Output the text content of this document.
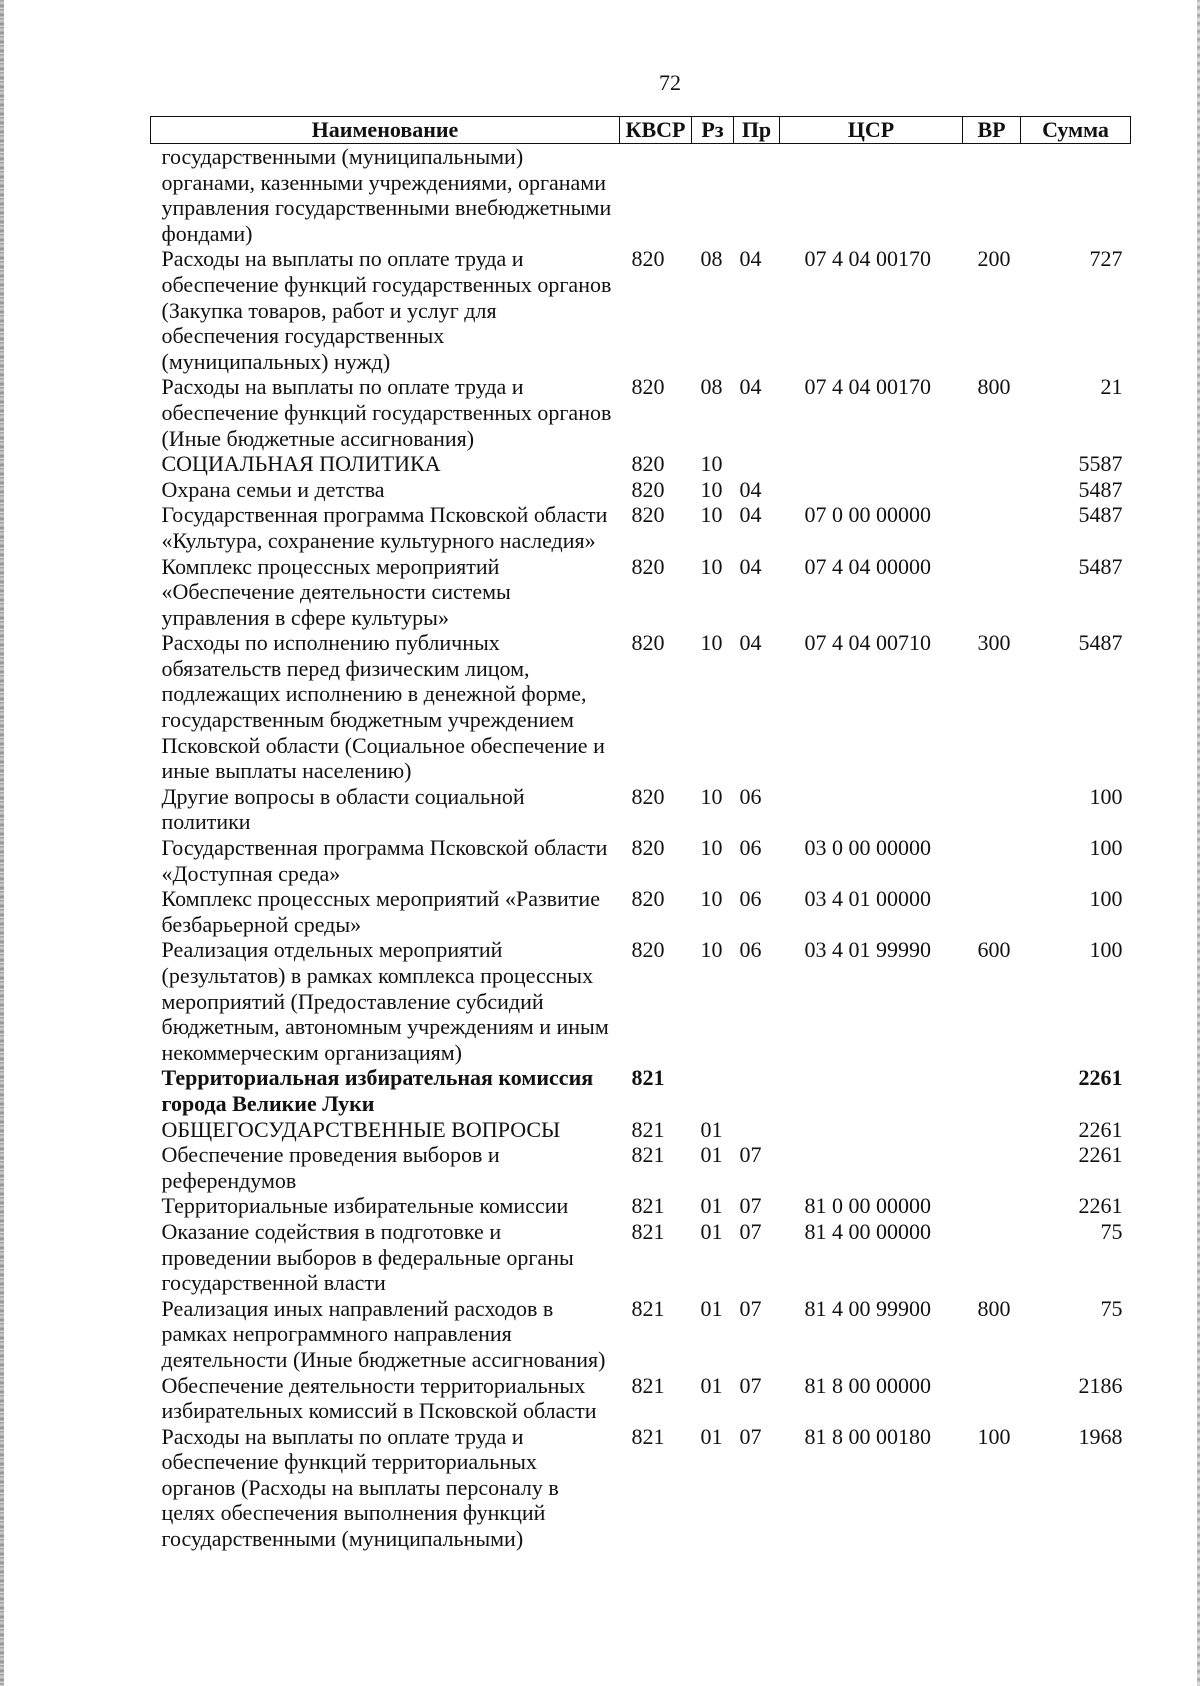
72
Наименование	КВСР	Рз	Пр	ЦСР	ВР	Сумма
государственными (муниципальными) органами, казенными учреждениями, органами управления государственными внебюджетными фондами)						
Расходы на выплаты по оплате труда и обеспечение функций государственных органов (Закупка товаров, работ и услуг для обеспечения государственных (муниципальных) нужд)	820	08	04	07 4 04 00170	200	727
Расходы на выплаты по оплате труда и обеспечение функций государственных органов (Иные бюджетные ассигнования)	820	08	04	07 4 04 00170	800	21
СОЦИАЛЬНАЯ ПОЛИТИКА	820	10				5587
Охрана семьи и детства	820	10	04			5487
Государственная программа Псковской области «Культура, сохранение культурного наследия»	820	10	04	07 0 00 00000		5487
Комплекс процессных мероприятий «Обеспечение деятельности системы управления в сфере культуры»	820	10	04	07 4 04 00000		5487
Расходы по исполнению публичных обязательств перед физическим лицом, подлежащих исполнению в денежной форме, государственным бюджетным учреждением Псковской области (Социальное обеспечение и иные выплаты населению)	820	10	04	07 4 04 00710	300	5487
Другие вопросы в области социальной политики	820	10	06			100
Государственная программа Псковской области «Доступная среда»	820	10	06	03 0 00 00000		100
Комплекс процессных мероприятий «Развитие безбарьерной среды»	820	10	06	03 4 01 00000		100
Реализация отдельных мероприятий (результатов) в рамках комплекса процессных мероприятий (Предоставление субсидий бюджетным, автономным учреждениям и иным некоммерческим организациям)	820	10	06	03 4 01 99990	600	100
Территориальная избирательная комиссия города Великие Луки	821					2261
ОБЩЕГОСУДАРСТВЕННЫЕ ВОПРОСЫ	821	01				2261
Обеспечение проведения выборов и референдумов	821	01	07			2261
Территориальные избирательные комиссии	821	01	07	81 0 00 00000		2261
Оказание содействия в подготовке и проведении выборов в федеральные органы государственной власти	821	01	07	81 4 00 00000		75
Реализация иных направлений расходов в рамках непрограммного направления деятельности (Иные бюджетные ассигнования)	821	01	07	81 4 00 99900	800	75
Обеспечение деятельности территориальных избирательных комиссий в Псковской области	821	01	07	81 8 00 00000		2186
Расходы на выплаты по оплате труда и обеспечение функций территориальных органов (Расходы на выплаты персоналу в целях обеспечения выполнения функций государственными (муниципальными)	821	01	07	81 8 00 00180	100	1968
